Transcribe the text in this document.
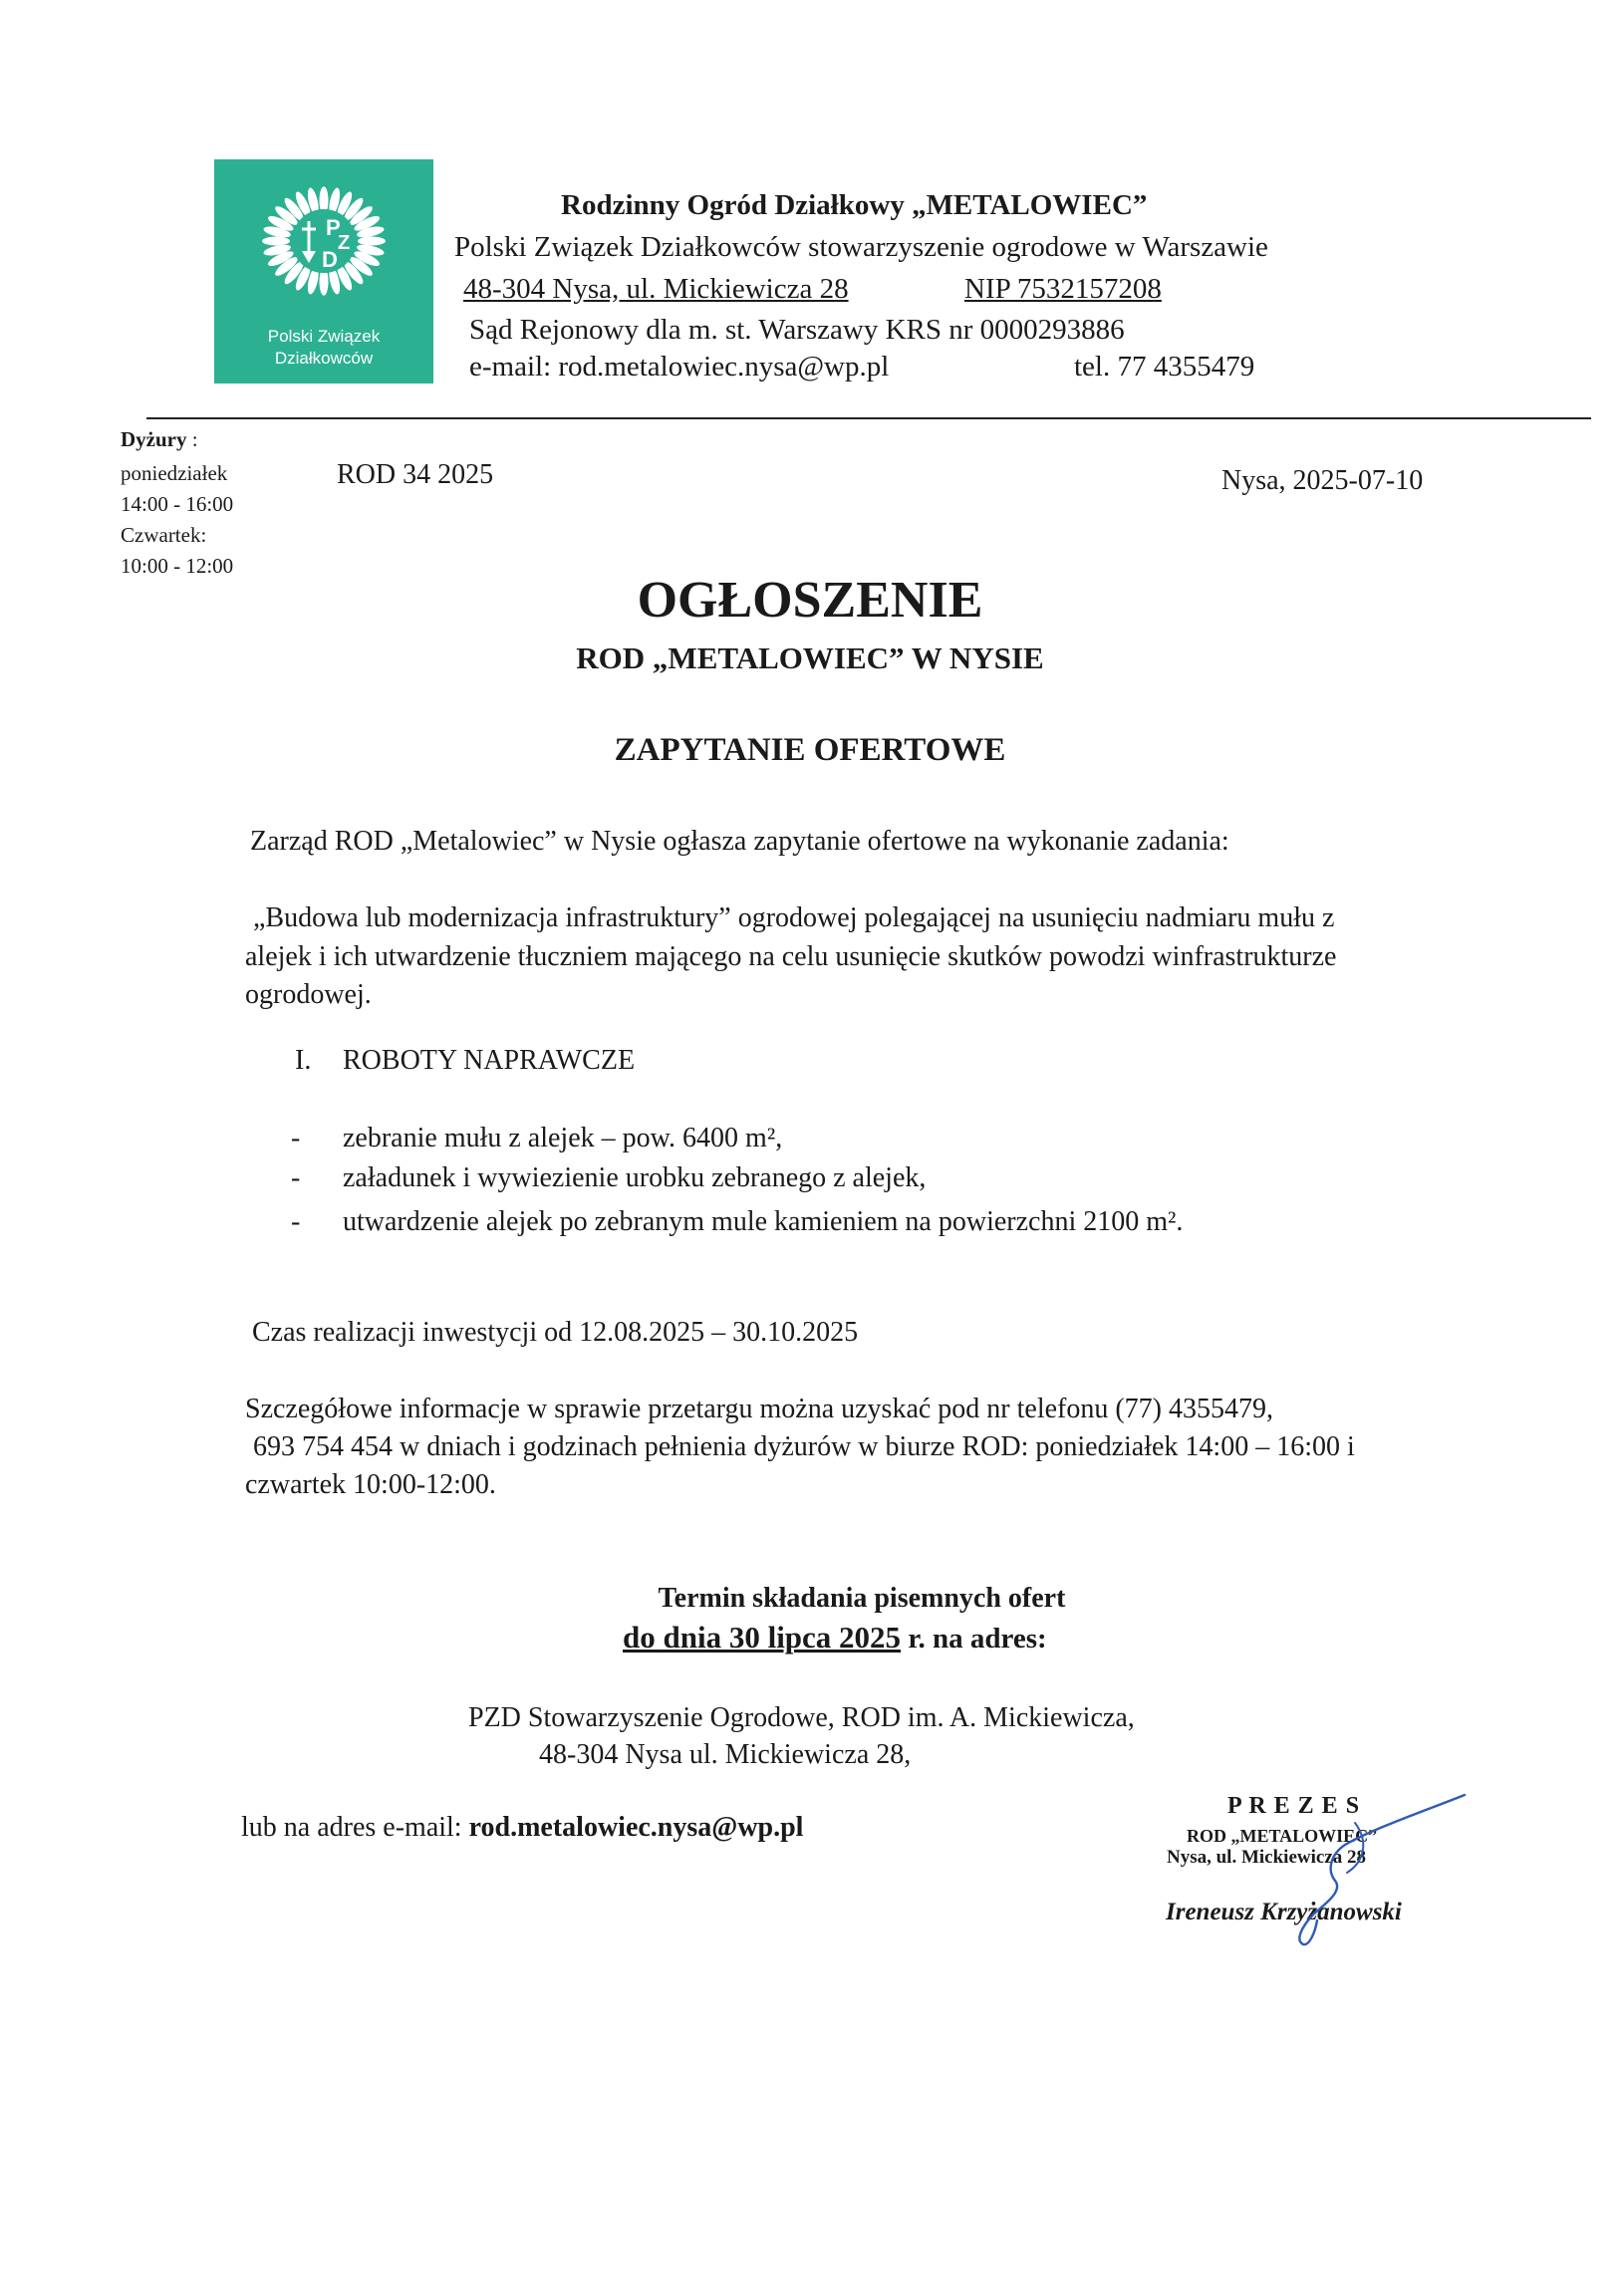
P
Z
D
Polski Związek
Działkowców
Rodzinny Ogród Działkowy „METALOWIEC”
Polski Związek Działkowców stowarzyszenie ogrodowe w Warszawie
48-304 Nysa, ul. Mickiewicza 28	NIP 7532157208
Sąd Rejonowy dla m. st. Warszawy KRS nr 0000293886
e-mail: rod.metalowiec.nysa@wp.pl	tel. 77 4355479
Dyżury :
poniedziałek
14:00 - 16:00
Czwartek:
10:00 - 12:00
ROD 34 2025	Nysa, 2025-07-10
OGŁOSZENIE
ROD „METALOWIEC” W NYSIE
ZAPYTANIE OFERTOWE
Zarząd ROD „Metalowiec” w Nysie ogłasza zapytanie ofertowe na wykonanie zadania:
„Budowa lub modernizacja infrastruktury” ogrodowej polegającej na usunięciu nadmiaru mułu z
alejek i ich utwardzenie tłuczniem mającego na celu usunięcie skutków powodzi winfrastrukturze
ogrodowej.
I. ROBOTY NAPRAWCZE
- zebranie mułu z alejek – pow. 6400 m²,
- załadunek i wywiezienie urobku zebranego z alejek,
- utwardzenie alejek po zebranym mule kamieniem na powierzchni 2100 m².
Czas realizacji inwestycji od 12.08.2025 – 30.10.2025
Szczegółowe informacje w sprawie przetargu można uzyskać pod nr telefonu (77) 4355479,
693 754 454 w dniach i godzinach pełnienia dyżurów w biurze ROD: poniedziałek 14:00 – 16:00 i
czwartek 10:00-12:00.
Termin składania pisemnych ofert
do dnia 30 lipca 2025 r. na adres:
PZD Stowarzyszenie Ogrodowe, ROD im. A. Mickiewicza,
48-304 Nysa ul. Mickiewicza 28,
lub na adres e-mail: rod.metalowiec.nysa@wp.pl
P R E Z E S
ROD „METALOWIEC”
Nysa, ul. Mickiewicza 28
Ireneusz Krzyżanowski
